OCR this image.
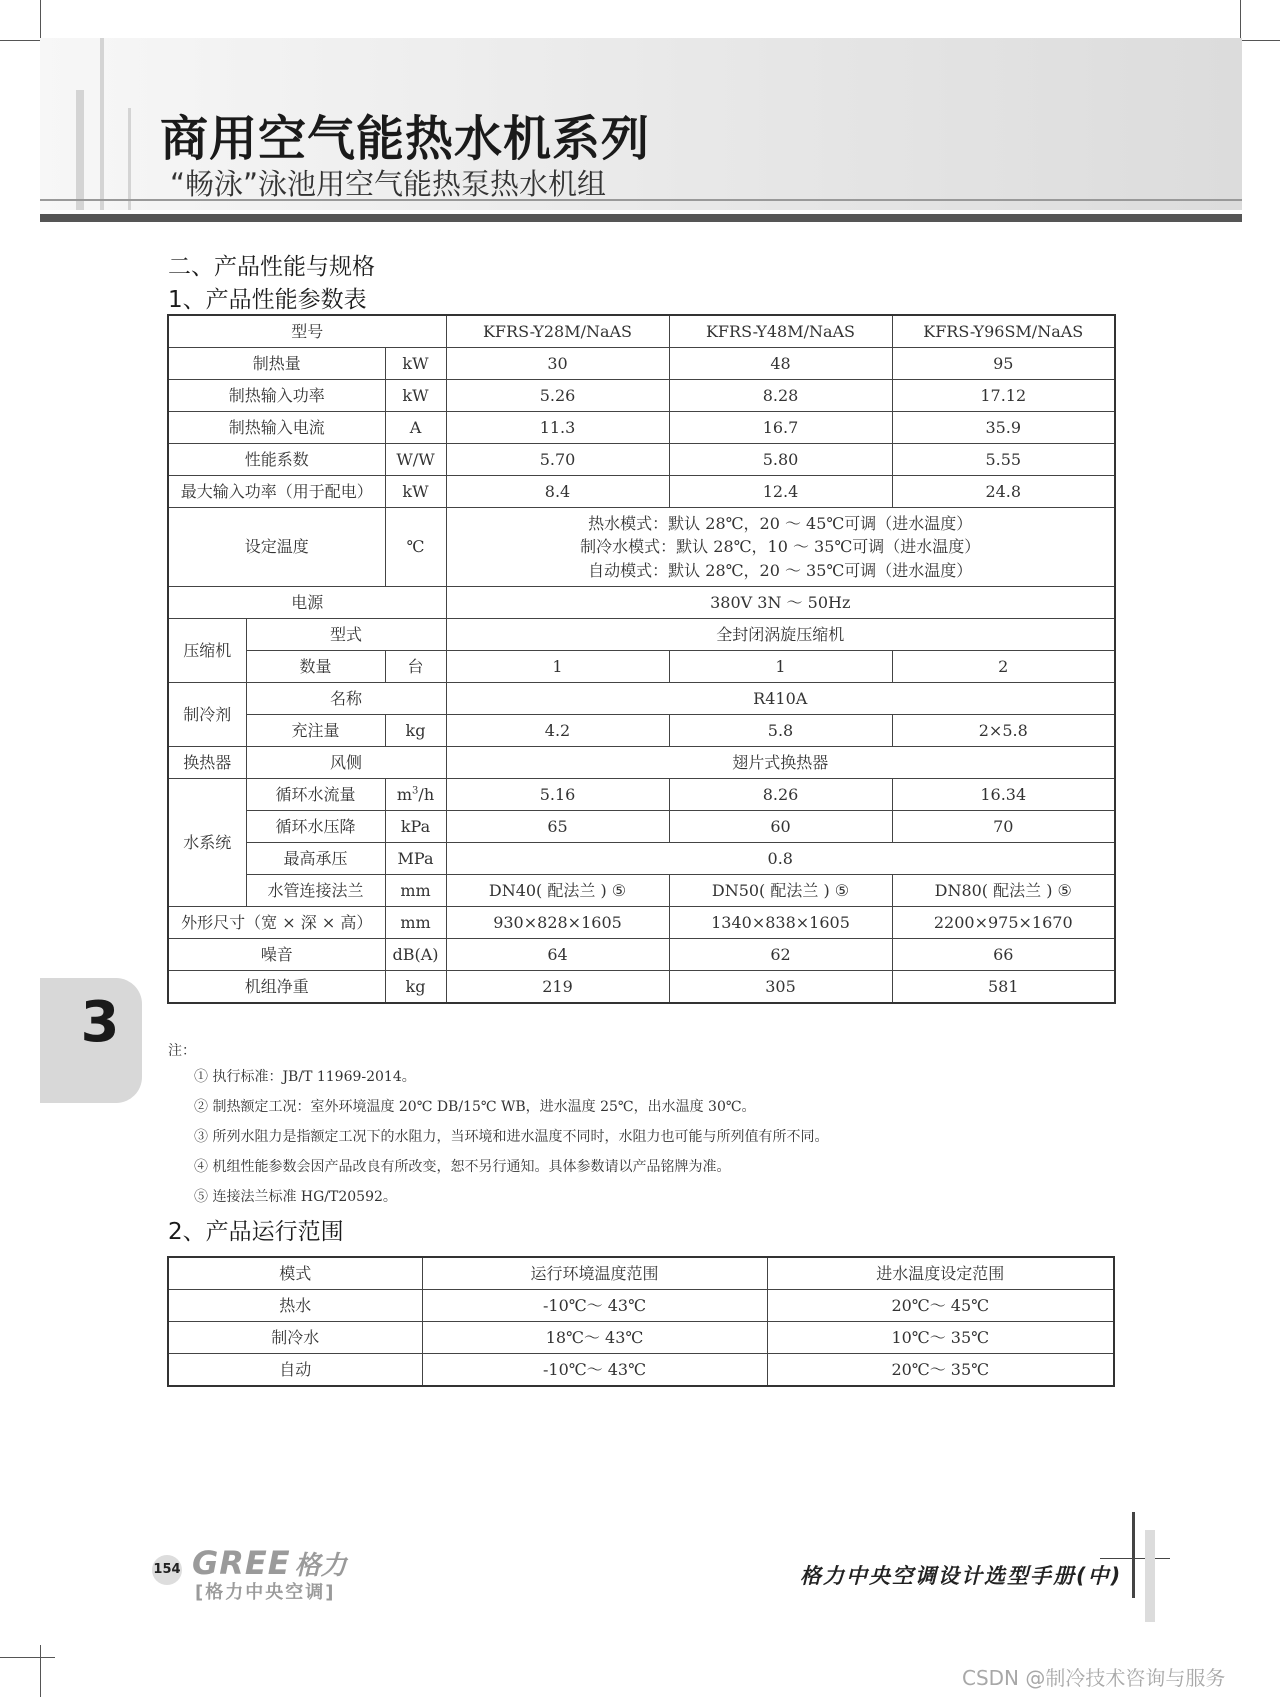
商用空气能热水机系列
“畅泳”泳池用空气能热泵热水机组
二、产品性能与规格
1、产品性能参数表
型号			KFRS-Y28M/NaAS	KFRS-Y48M/NaAS	KFRS-Y96SM/NaAS
制热量		kW	30	48	95
制热输入功率		kW	5.26	8.28	17.12
制热输入电流		A	11.3	16.7	35.9
性能系数		W/W	5.70	5.80	5.55
最大输入功率（用于配电）		kW	8.4	12.4	24.8
设定温度		℃	热水模式：默认 28℃，20 ～ 45℃可调（进水温度）
制冷水模式：默认 28℃，10 ～ 35℃可调（进水温度）
自动模式：默认 28℃，20 ～ 35℃可调（进水温度）		

电源			380V 3N ～ 50Hz		
压缩机	型式		全封闭涡旋压缩机		
	数量	台	1	1	2
制冷剂	名称		R410A		
	充注量	kg	4.2	5.8	2×5.8
换热器	风侧		翅片式换热器		
水系统	循环水流量	$m^3/h$	5.16	8.26	16.34
	循环水压降	kPa	65	60	70
	最高承压	MPa	0.8		
	水管连接法兰	mm	DN40( 配法兰 ) ⑤	DN50( 配法兰 ) ⑤	DN80( 配法兰 ) ⑤
外形尺寸（宽 × 深 × 高）		mm	930×828×1605	1340×838×1605	2200×975×1670
噪音		dB(A)	64	62	66
机组净重		kg	219	305	581
注：
① 执行标准：JB/T 11969-2014。
② 制热额定工况：室外环境温度 20℃ DB/15℃ WB，进水温度 25℃，出水温度 30℃。
③ 所列水阻力是指额定工况下的水阻力，当环境和进水温度不同时，水阻力也可能与所列值有所不同。
④ 机组性能参数会因产品改良有所改变，恕不另行通知。具体参数请以产品铭牌为准。
⑤ 连接法兰标准 HG/T20592。
2、产品运行范围
模式	运行环境温度范围	进水温度设定范围
热水	-10℃～ 43℃	20℃～ 45℃
制冷水	18℃～ 43℃	10℃～ 35℃
自动	-10℃～ 43℃	20℃～ 35℃
3
154 GREE 格力
[格力中央空调]
格力中央空调设计选型手册(中)
CSDN @制冷技术咨询与服务
